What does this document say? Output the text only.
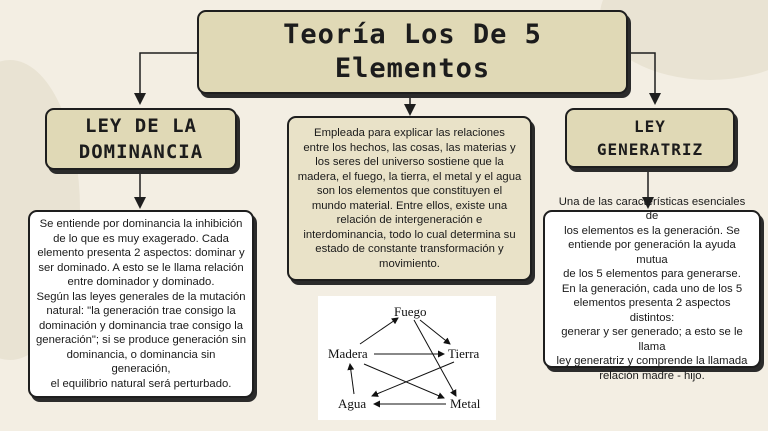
Teoría Los De 5
Elementos
LEY DE LA
DOMINANCIA
LEY
GENERATRIZ
Empleada para explicar las relaciones
entre los hechos, las cosas, las materias y
los seres del universo sostiene que la
madera, el fuego, la tierra, el metal y el agua
son los elementos que constituyen el
mundo material. Entre ellos, existe una
relación de intergeneración e
interdominancia, todo lo cual determina su
estado de constante transformación y
movimiento.
Se entiende por dominancia la inhibición
de lo que es muy exagerado. Cada
elemento presenta 2 aspectos: dominar y
ser dominado. A esto se le llama relación
entre dominador y dominado.
Según las leyes generales de la mutación
natural: "la generación trae consigo la
dominación y dominancia trae consigo la
generación"; si se produce generación sin
dominancia, o dominancia sin generación,
el equilibrio natural será perturbado.
Una de las características esenciales de
los elementos es la generación. Se
entiende por generación la ayuda mutua
de los 5 elementos para generarse.
En la generación, cada uno de los 5
elementos presenta 2 aspectos distintos:
generar y ser generado; a esto se le llama
ley generatriz y comprende la llamada
relación madre - hijo.
Fuego
Madera	Tierra
Agua	Metal
